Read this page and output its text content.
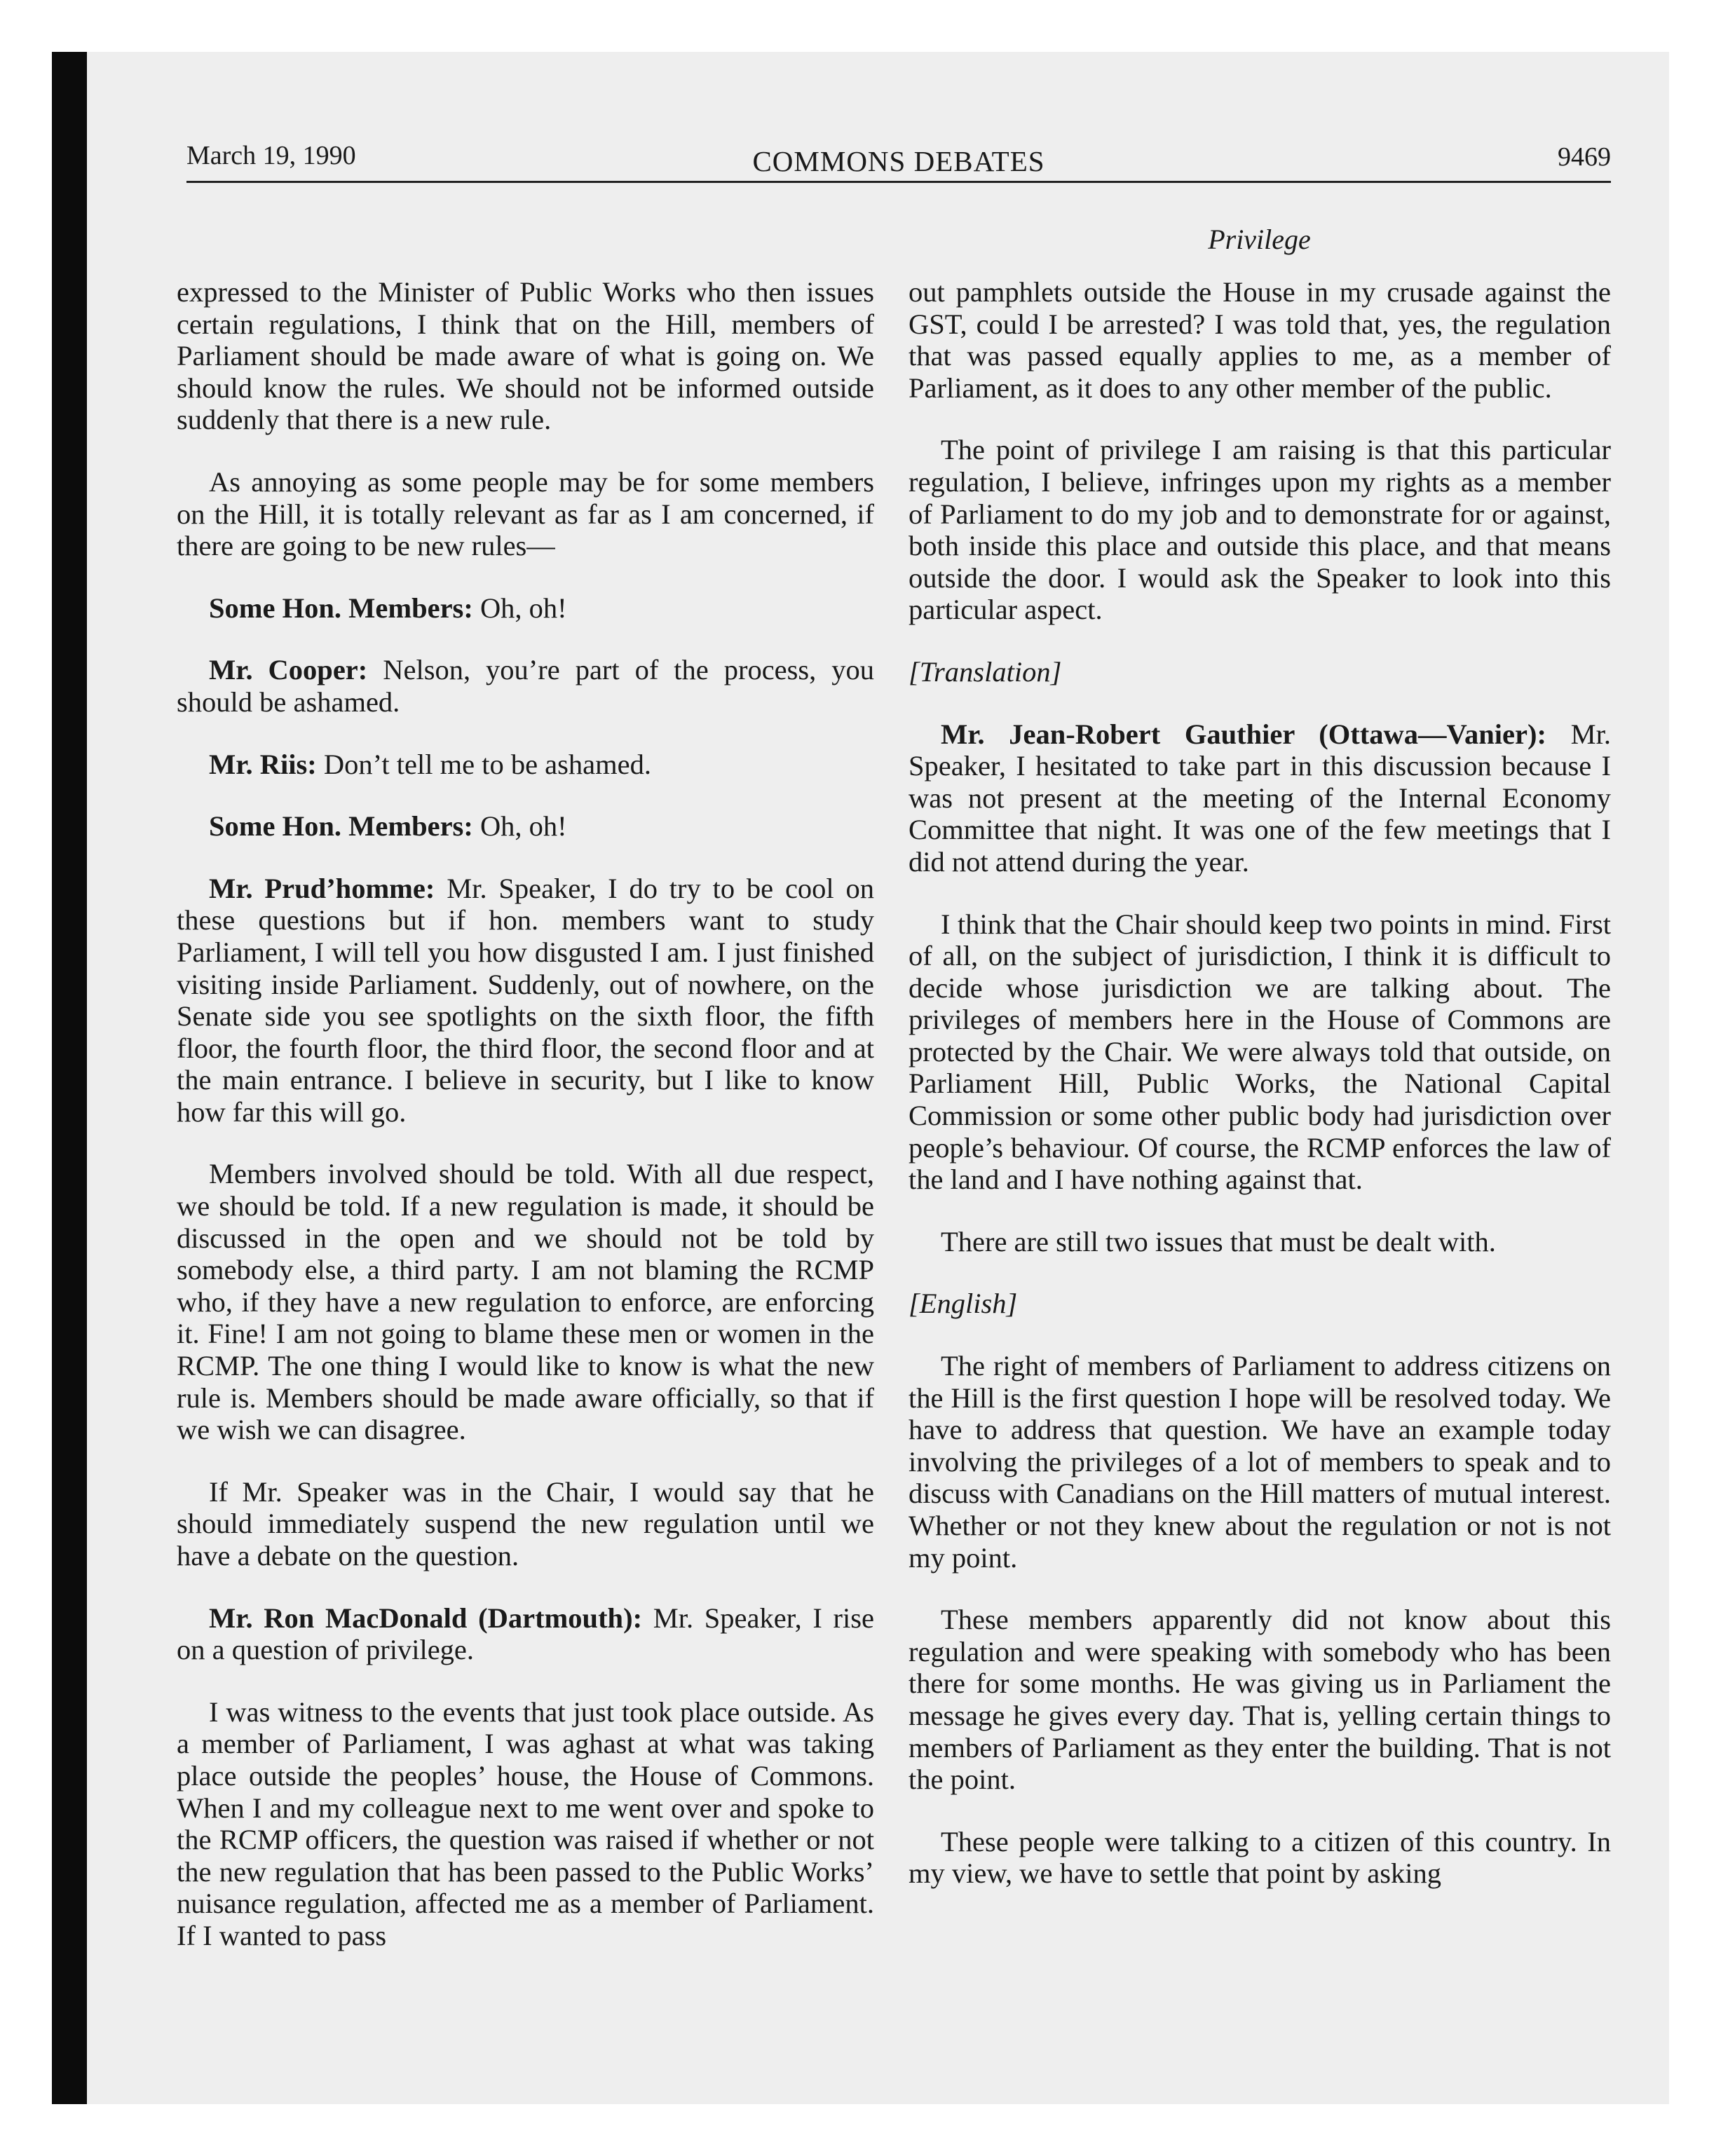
March 19, 1990	COMMONS DEBATES	9469
Privilege

expressed to the Minister of Public Works who then issues certain regulations, I think that on the Hill, members of Parliament should be made aware of what is going on. We should know the rules. We should not be informed outside suddenly that there is a new rule.

As annoying as some people may be for some members on the Hill, it is totally relevant as far as I am concerned, if there are going to be new rules—

Some Hon. Members: Oh, oh!

Mr. Cooper: Nelson, you’re part of the process, you should be ashamed.

Mr. Riis: Don’t tell me to be ashamed.

Some Hon. Members: Oh, oh!

Mr. Prud’homme: Mr. Speaker, I do try to be cool on these questions but if hon. members want to study Parliament, I will tell you how disgusted I am. I just finished visiting inside Parliament. Suddenly, out of nowhere, on the Senate side you see spotlights on the sixth floor, the fifth floor, the fourth floor, the third floor, the second floor and at the main entrance. I believe in security, but I like to know how far this will go.

Members involved should be told. With all due respect, we should be told. If a new regulation is made, it should be discussed in the open and we should not be told by somebody else, a third party. I am not blaming the RCMP who, if they have a new regulation to enforce, are enforcing it. Fine! I am not going to blame these men or women in the RCMP. The one thing I would like to know is what the new rule is. Members should be made aware officially, so that if we wish we can disagree.

If Mr. Speaker was in the Chair, I would say that he should immediately suspend the new regulation until we have a debate on the question.

Mr. Ron MacDonald (Dartmouth): Mr. Speaker, I rise on a question of privilege.

I was witness to the events that just took place outside. As a member of Parliament, I was aghast at what was taking place outside the peoples’ house, the House of Commons. When I and my colleague next to me went over and spoke to the RCMP officers, the question was raised if whether or not the new regulation that has been passed to the Public Works’ nuisance regulation, affected me as a member of Parliament. If I wanted to pass

out pamphlets outside the House in my crusade against the GST, could I be arrested? I was told that, yes, the regulation that was passed equally applies to me, as a member of Parliament, as it does to any other member of the public.

The point of privilege I am raising is that this particular regulation, I believe, infringes upon my rights as a member of Parliament to do my job and to demonstrate for or against, both inside this place and outside this place, and that means outside the door. I would ask the Speaker to look into this particular aspect.

[Translation]

Mr. Jean-Robert Gauthier (Ottawa—Vanier): Mr. Speaker, I hesitated to take part in this discussion because I was not present at the meeting of the Internal Economy Committee that night. It was one of the few meetings that I did not attend during the year.

I think that the Chair should keep two points in mind. First of all, on the subject of jurisdiction, I think it is difficult to decide whose jurisdiction we are talking about. The privileges of members here in the House of Commons are protected by the Chair. We were always told that outside, on Parliament Hill, Public Works, the National Capital Commission or some other public body had jurisdiction over people’s behaviour. Of course, the RCMP enforces the law of the land and I have nothing against that.

There are still two issues that must be dealt with.

[English]

The right of members of Parliament to address citizens on the Hill is the first question I hope will be resolved today. We have to address that question. We have an example today involving the privileges of a lot of members to speak and to discuss with Canadians on the Hill matters of mutual interest. Whether or not they knew about the regulation or not is not my point.

These members apparently did not know about this regulation and were speaking with somebody who has been there for some months. He was giving us in Parliament the message he gives every day. That is, yelling certain things to members of Parliament as they enter the building. That is not the point.

These people were talking to a citizen of this country. In my view, we have to settle that point by asking
